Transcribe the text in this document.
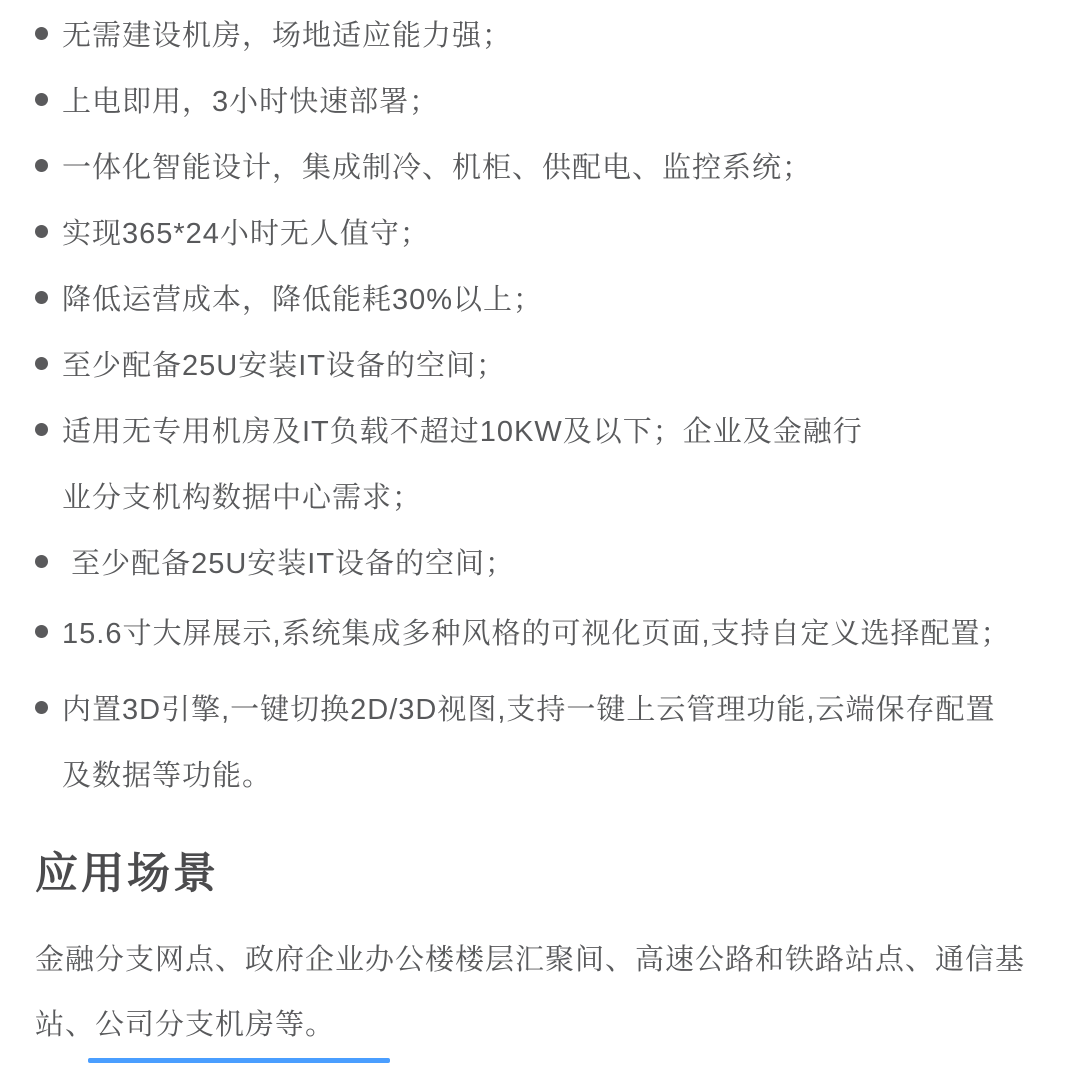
无需建设机房，场地适应能力强；
上电即用，3小时快速部署；
一体化智能设计，集成制冷、机柜、供配电、监控系统；
实现365*24小时无人值守；
降低运营成本，降低能耗30%以上；
至少配备25U安装IT设备的空间；
适用无专用机房及IT负载不超过10KW及以下；企业及金融行
业分支机构数据中心需求；
至少配备25U安装IT设备的空间；
15.6寸大屏展示,系统集成多种风格的可视化页面,支持自定义选择配置；
内置3D引擎,一键切换2D/3D视图,支持一键上云管理功能,云端保存配置
及数据等功能。
应用场景

金融分支网点、政府企业办公楼楼层汇聚间、高速公路和铁路站点、通信基
站、公司分支机房等。
